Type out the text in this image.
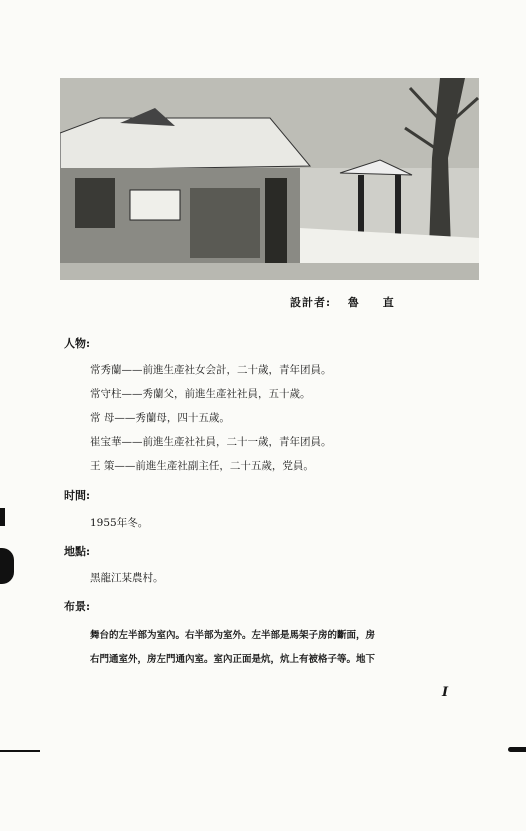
設計者: 魯 直
人物:
常秀蘭——前進生產社女会計，二十歲，青年团員。
常守柱——秀蘭父，前進生產社社員，五十歲。
常 母——秀蘭母，四十五歲。
崔宝華——前進生產社社員，二十一歲，青年团員。
王 策——前進生產社副主任，二十五歲，党員。
时間:
1955年冬。
地點:
黑龍江某農村。
布景:
舞台的左半部为室內。右半部为室外。左半部是馬架子房的斷面，房
右門通室外，房左門通內室。室內正面是炕，炕上有被格子等。地下
I
